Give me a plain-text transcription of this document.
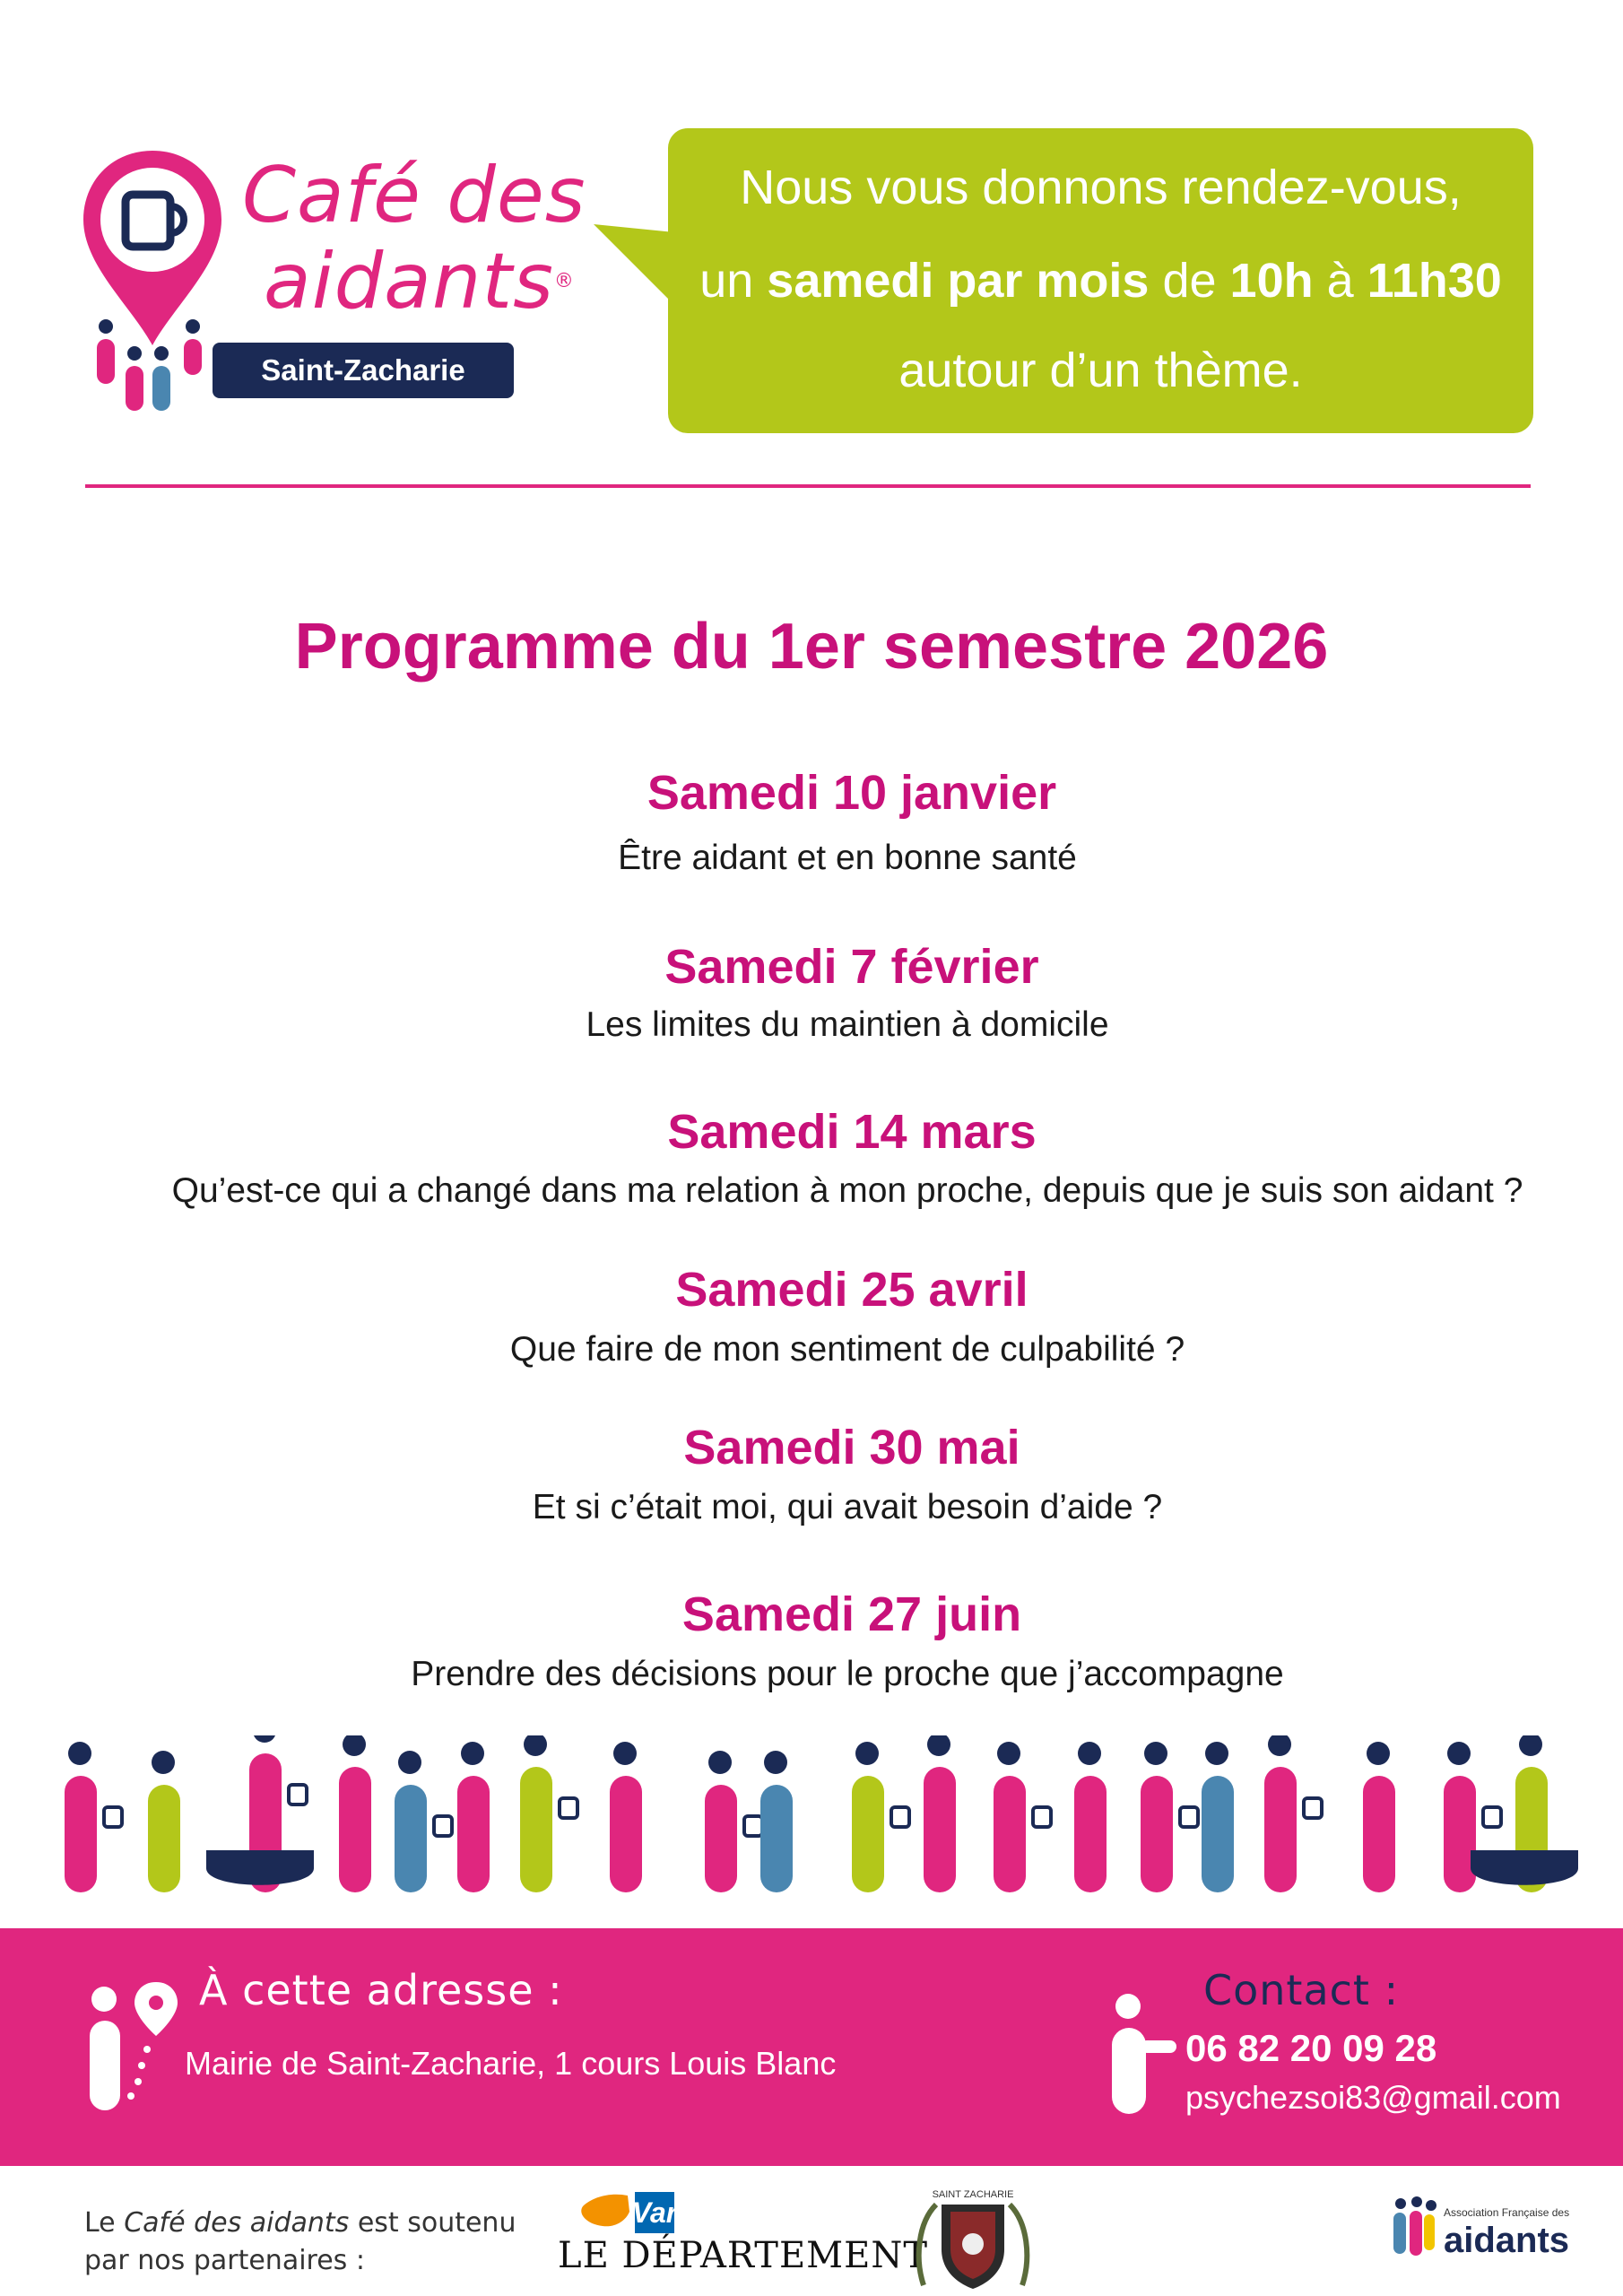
Café des
aidants®
Saint-Zacharie
Nous vous donnons rendez-vous,
un samedi par mois de 10h à 11h30
autour d’un thème.
Programme du 1er semestre 2026
Samedi 10 janvier
Être aidant et en bonne santé
Samedi 7 février
Les limites du maintien à domicile
Samedi 14 mars
Qu’est-ce qui a changé dans ma relation à mon proche, depuis que je suis son aidant ?
Samedi 25 avril
Que faire de mon sentiment de culpabilité ?
Samedi 30 mai
Et si c’était moi, qui avait besoin d’aide ?
Samedi 27 juin
Prendre des décisions pour le proche que j’accompagne
À cette adresse :
Mairie de Saint-Zacharie, 1 cours Louis Blanc
Contact :
06 82 20 09 28
psychezsoi83@gmail.com
Le Café des aidants est soutenu
par nos partenaires :
Var
LE DÉPARTEMENT
SAINT ZACHARIE
Association Française des
aidants
